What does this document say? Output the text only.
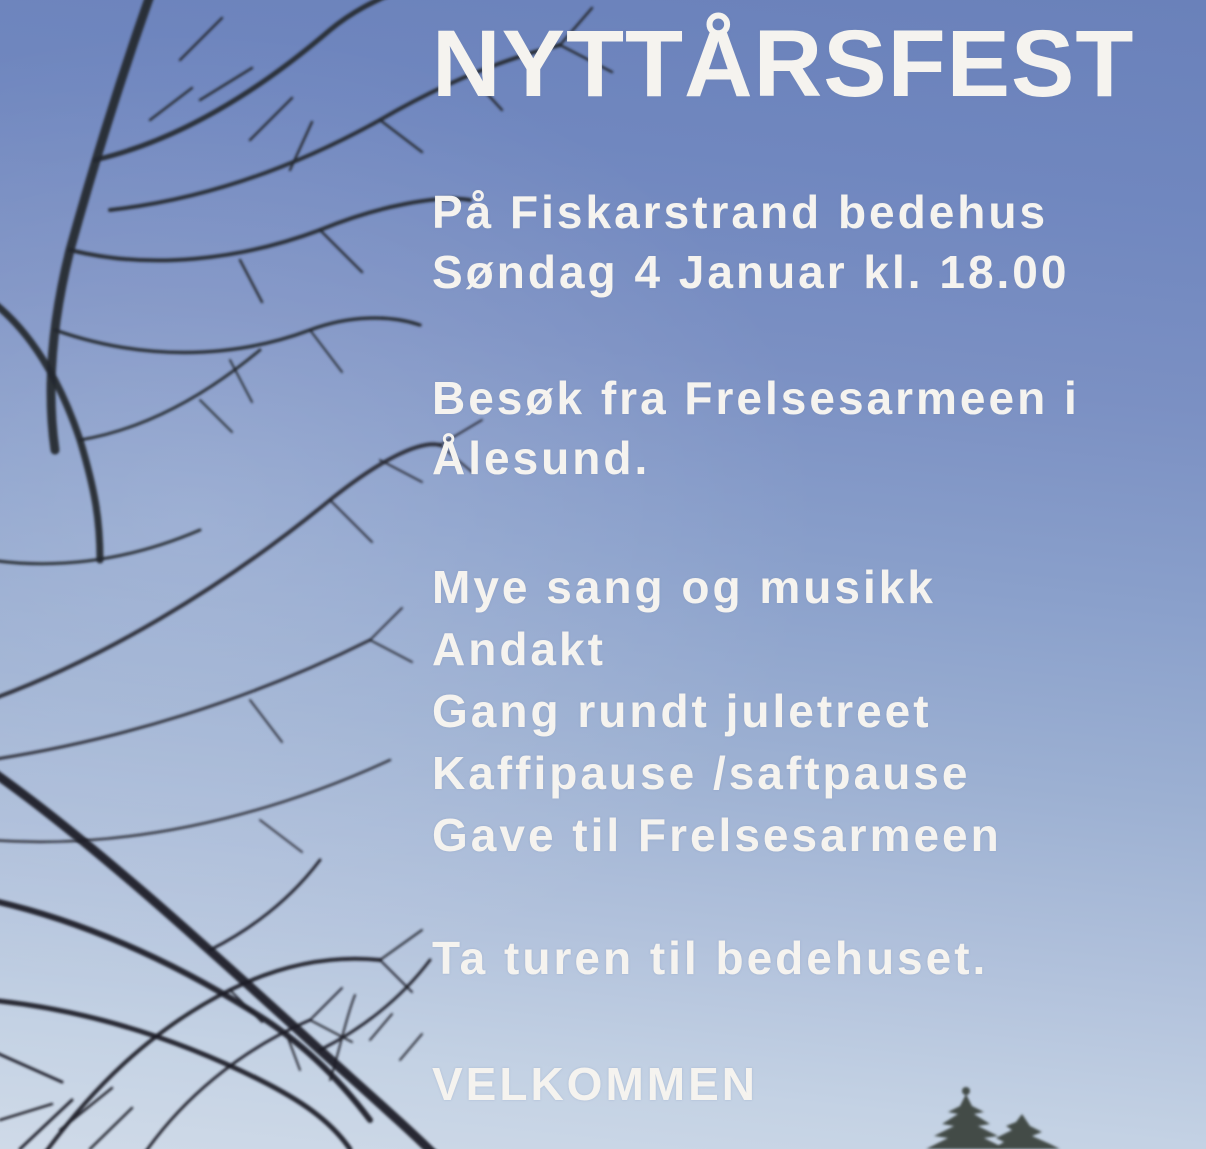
NYTTÅRSFEST
På Fiskarstrand bedehus
Søndag 4 Januar kl. 18.00
Besøk fra Frelsesarmeen i
Ålesund.
Mye sang og musikk
Andakt
Gang rundt juletreet
Kaffipause /saftpause
Gave til Frelsesarmeen
Ta turen til bedehuset.
VELKOMMEN
